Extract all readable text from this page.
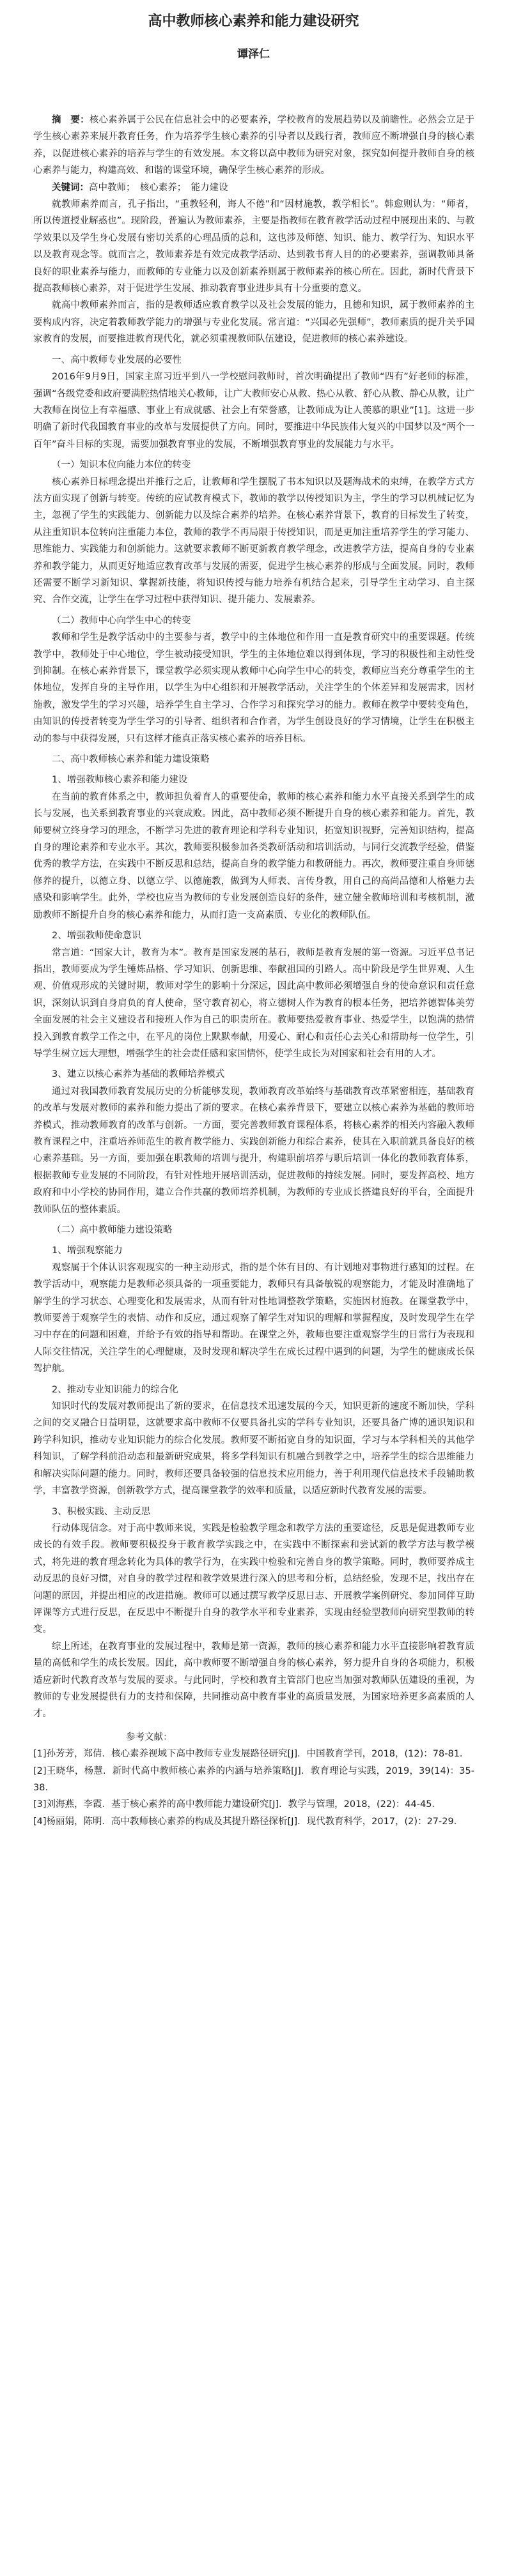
高中教师核心素养和能力建设研究
谭泽仁

摘　要：核心素养属于公民在信息社会中的必要素养，学校教育的发展趋势以及前瞻性。必然会立足于学生核心素养来展开教育任务，作为培养学生核心素养的引导者以及践行者，教师应不断增强自身的核心素养，以促进核心素养的培养与学生的有效发展。本文将以高中教师为研究对象，探究如何提升教师自身的核心素养与能力，构建高效、和谐的课堂环境，确保学生核心素养的形成。

关键词：高中教师；　核心素养；　能力建设

就教师素养而言，孔子指出，“重教轻利，诲人不倦”和“因材施教，教学相长”。韩愈则认为：“师者，所以传道授业解惑也”。现阶段，普遍认为教师素养，主要是指教师在教育教学活动过程中展现出来的、与教学效果以及学生身心发展有密切关系的心理品质的总和，这也涉及师德、知识、能力、教学行为、知识水平以及教育观念等。就而言之，教师素养是有效完成教学活动、达到教书育人目的的必要素养，强调教师具备良好的职业素养与能力，而教师的专业能力以及创新素养则属于教师素养的核心所在。因此，新时代背景下提高教师核心素养，对于促进学生发展、推动教育事业进步具有十分重要的意义。

就高中教师素养而言，指的是教师适应教育教学以及社会发展的能力，且德和知识，属于教师素养的主要构成内容，决定着教师教学能力的增强与专业化发展。常言道：“兴国必先强师”，教师素质的提升关乎国家教育的发展，而要推进教育现代化，就必须重视教师队伍建设，促进教师的核心素养建设。

一、高中教师专业发展的必要性

2016年9月9日，国家主席习近平到八一学校慰问教师时，首次明确提出了教师“四有”好老师的标准，强调“各级党委和政府要满腔热情地关心教师，让广大教师安心从教、热心从教、舒心从教、静心从教，让广大教师在岗位上有幸福感、事业上有成就感、社会上有荣誉感，让教师成为让人羡慕的职业”[1]。这进一步明确了新时代我国教育事业的改革与发展提供了方向。同时，要推进中华民族伟大复兴的中国梦以及“两个一百年”奋斗目标的实现，需要加强教育事业的发展，不断增强教育事业的发展能力与水平。

（一）知识本位向能力本位的转变

核心素养目标理念提出并推行之后，让教师和学生摆脱了书本知识以及题海战术的束缚，在教学方式方法方面实现了创新与转变。传统的应试教育模式下，教师的教学以传授知识为主，学生的学习以机械记忆为主，忽视了学生的实践能力、创新能力以及综合素养的培养。在核心素养背景下，教育的目标发生了转变，从注重知识本位转向注重能力本位，教师的教学不再局限于传授知识，而是更加注重培养学生的学习能力、思维能力、实践能力和创新能力。这就要求教师不断更新教育教学理念，改进教学方法，提高自身的专业素养和教学能力，从而更好地适应教育改革与发展的需要，促进学生核心素养的形成与全面发展。同时，教师还需要不断学习新知识、掌握新技能，将知识传授与能力培养有机结合起来，引导学生主动学习、自主探究、合作交流，让学生在学习过程中获得知识、提升能力、发展素养。

（二）教师中心向学生中心的转变

教师和学生是教学活动中的主要参与者，教学中的主体地位和作用一直是教育研究中的重要课题。传统教学中，教师处于中心地位，学生被动接受知识，学生的主体地位难以得到体现，学习的积极性和主动性受到抑制。在核心素养背景下，课堂教学必须实现从教师中心向学生中心的转变，教师应当充分尊重学生的主体地位，发挥自身的主导作用，以学生为中心组织和开展教学活动，关注学生的个体差异和发展需求，因材施教，激发学生的学习兴趣，培养学生自主学习、合作学习和探究学习的能力。教师在教学中要转变角色，由知识的传授者转变为学生学习的引导者、组织者和合作者，为学生创设良好的学习情境，让学生在积极主动的参与中获得发展，只有这样才能真正落实核心素养的培养目标。

二、高中教师核心素养和能力建设策略

1、增强教师核心素养和能力建设

在当前的教育体系之中，教师担负着育人的重要使命，教师的核心素养和能力水平直接关系到学生的成长与发展，也关系到教育事业的兴衰成败。因此，高中教师必须不断提升自身的核心素养和能力。首先，教师要树立终身学习的理念，不断学习先进的教育理论和学科专业知识，拓宽知识视野，完善知识结构，提高自身的理论素养和专业水平。其次，教师要积极参加各类教研活动和培训活动，与同行交流教学经验，借鉴优秀的教学方法，在实践中不断反思和总结，提高自身的教学能力和教研能力。再次，教师要注重自身师德修养的提升，以德立身、以德立学、以德施教，做到为人师表、言传身教，用自己的高尚品德和人格魅力去感染和影响学生。此外，学校也应当为教师的专业发展创造良好的条件，建立健全教师培训和考核机制，激励教师不断提升自身的核心素养和能力，从而打造一支高素质、专业化的教师队伍。

2、增强教师使命意识

常言道：“国家大计，教育为本”。教育是国家发展的基石，教师是教育发展的第一资源。习近平总书记指出，教师要成为学生锤炼品格、学习知识、创新思维、奉献祖国的引路人。高中阶段是学生世界观、人生观、价值观形成的关键时期，教师对学生的影响十分深远，因此高中教师必须增强自身的使命意识和责任意识，深刻认识到自身肩负的育人使命，坚守教育初心，将立德树人作为教育的根本任务，把培养德智体美劳全面发展的社会主义建设者和接班人作为自己的职责所在。教师要热爱教育事业、热爱学生，以饱满的热情投入到教育教学工作之中，在平凡的岗位上默默奉献，用爱心、耐心和责任心去关心和帮助每一位学生，引导学生树立远大理想，增强学生的社会责任感和家国情怀，使学生成长为对国家和社会有用的人才。

3、建立以核心素养为基础的教师培养模式

通过对我国教师教育发展历史的分析能够发现，教师教育改革始终与基础教育改革紧密相连，基础教育的改革与发展对教师的素养和能力提出了新的要求。在核心素养背景下，要建立以核心素养为基础的教师培养模式，推动教师教育的改革与创新。一方面，要完善教师教育课程体系，将核心素养的相关内容融入教师教育课程之中，注重培养师范生的教育教学能力、实践创新能力和综合素养，使其在入职前就具备良好的核心素养基础。另一方面，要加强在职教师的培训与提升，构建职前培养与职后培训一体化的教师教育体系，根据教师专业发展的不同阶段，有针对性地开展培训活动，促进教师的持续发展。同时，要发挥高校、地方政府和中小学校的协同作用，建立合作共赢的教师培养机制，为教师的专业成长搭建良好的平台，全面提升教师队伍的整体素质。

（二）高中教师能力建设策略

1、增强观察能力

观察属于个体认识客观现实的一种主动形式，指的是个体有目的、有计划地对事物进行感知的过程。在教学活动中，观察能力是教师必须具备的一项重要能力，教师只有具备敏锐的观察能力，才能及时准确地了解学生的学习状态、心理变化和发展需求，从而有针对性地调整教学策略，实施因材施教。在课堂教学中，教师要善于观察学生的表情、动作和反应，通过观察了解学生对知识的理解和掌握程度，及时发现学生在学习中存在的问题和困难，并给予有效的指导和帮助。在课堂之外，教师也要注重观察学生的日常行为表现和人际交往情况，关注学生的心理健康，及时发现和解决学生在成长过程中遇到的问题，为学生的健康成长保驾护航。

2、推动专业知识能力的综合化

知识时代的发展对教师提出了新的要求，在信息技术迅速发展的今天，知识更新的速度不断加快，学科之间的交叉融合日益明显，这就要求高中教师不仅要具备扎实的学科专业知识，还要具备广博的通识知识和跨学科知识，推动专业知识能力的综合化发展。教师要不断拓宽自身的知识面，学习与本学科相关的其他学科知识，了解学科前沿动态和最新研究成果，将多学科知识有机融合到教学之中，培养学生的综合思维能力和解决实际问题的能力。同时，教师还要具备较强的信息技术应用能力，善于利用现代信息技术手段辅助教学，丰富教学资源，创新教学方式，提高课堂教学的效率和质量，以适应新时代教育发展的需要。

3、积极实践、主动反思

行动体现信念。对于高中教师来说，实践是检验教学理念和教学方法的重要途径，反思是促进教师专业成长的有效手段。教师要积极投身于教育教学实践之中，在实践中不断探索和尝试新的教学方法与教学模式，将先进的教育理念转化为具体的教学行为，在实践中检验和完善自身的教学策略。同时，教师要养成主动反思的良好习惯，对自身的教学过程和教学效果进行深入的思考和分析，总结经验，发现不足，找出存在问题的原因，并提出相应的改进措施。教师可以通过撰写教学反思日志、开展教学案例研究、参加同伴互助评课等方式进行反思，在反思中不断提升自身的教学水平和专业素养，实现由经验型教师向研究型教师的转变。

综上所述，在教育事业的发展过程中，教师是第一资源，教师的核心素养和能力水平直接影响着教育质量的高低和学生的成长发展。因此，高中教师要不断增强自身的核心素养，努力提升自身的各项能力，积极适应新时代教育改革与发展的要求。与此同时，学校和教育主管部门也应当加强对教师队伍建设的重视，为教师的专业发展提供有力的支持和保障，共同推动高中教育事业的高质量发展，为国家培养更多高素质的人才。

参考文献：

[1]孙芳芳，郑倩．核心素养视域下高中教师专业发展路径研究[J]．中国教育学刊，2018，(12)：78-81．

[2]王晓华，杨慧．新时代高中教师核心素养的内涵与培养策略[J]．教育理论与实践，2019，39(14)：35-38．

[3]刘海燕，李霞．基于核心素养的高中教师能力建设研究[J]．教学与管理，2018，(22)：44-45．

[4]杨丽娟，陈明．高中教师核心素养的构成及其提升路径探析[J]．现代教育科学，2017，(2)：27-29．
